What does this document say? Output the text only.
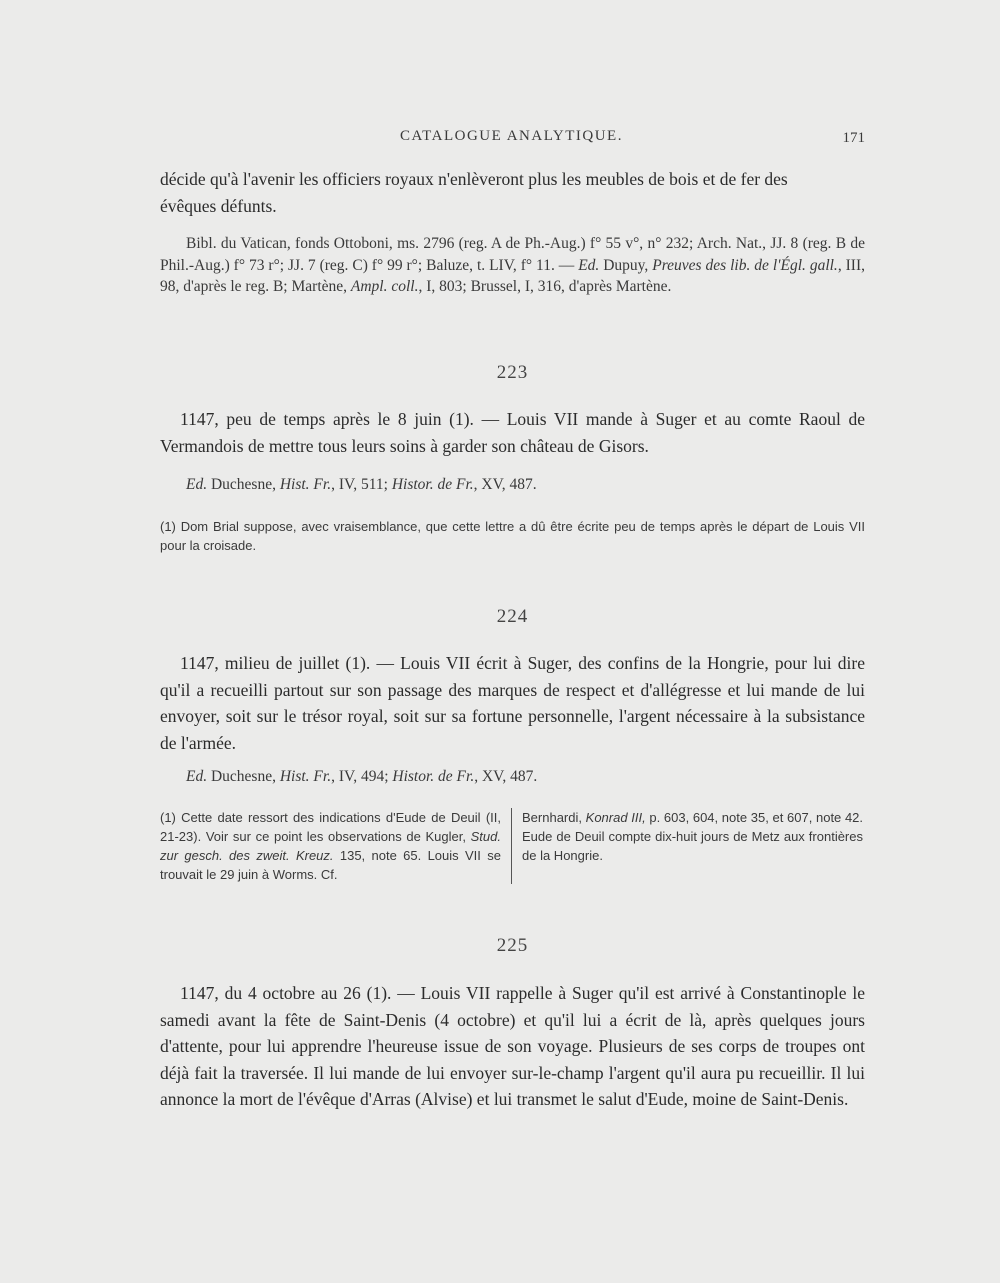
CATALOGUE ANALYTIQUE.	171

décide qu'à l'avenir les officiers royaux n'enlèveront plus les meubles de bois et de fer des

évêques défunts.

Bibl. du Vatican, fonds Ottoboni, ms. 2796 (reg. A de Ph.-Aug.) f° 55 v°, n° 232; Arch. Nat., JJ. 8 (reg. B de Phil.-Aug.) f° 73 r°; JJ. 7 (reg. C) f° 99 r°; Baluze, t. LIV, f° 11. — Ed. Dupuy, Preuves des lib. de l'Égl. gall., III, 98, d'après le reg. B; Martène, Ampl. coll., I, 803; Brussel, I, 316, d'après Martène.

223

1147, peu de temps après le 8 juin (1). — Louis VII mande à Suger et au comte Raoul de Vermandois de mettre tous leurs soins à garder son château de Gisors.

Ed. Duchesne, Hist. Fr., IV, 511; Histor. de Fr., XV, 487.

(1) Dom Brial suppose, avec vraisemblance, que cette lettre a dû être écrite peu de temps après le départ de Louis VII pour la croisade.

224

1147, milieu de juillet (1). — Louis VII écrit à Suger, des confins de la Hongrie, pour lui dire qu'il a recueilli partout sur son passage des marques de respect et d'allégresse et lui mande de lui envoyer, soit sur le trésor royal, soit sur sa fortune personnelle, l'argent nécessaire à la subsistance de l'armée.

Ed. Duchesne, Hist. Fr., IV, 494; Histor. de Fr., XV, 487.

(1) Cette date ressort des indications d'Eude de Deuil (II, 21-23). Voir sur ce point les observations de Kugler, Stud. zur gesch. des zweit. Kreuz. 135, note 65. Louis VII se trouvait le 29 juin à Worms. Cf.
Bernhardi, Konrad III, p. 603, 604, note 35, et 607, note 42. Eude de Deuil compte dix-huit jours de Metz aux frontières de la Hongrie.
225

1147, du 4 octobre au 26 (1). — Louis VII rappelle à Suger qu'il est arrivé à Constantinople le samedi avant la fête de Saint-Denis (4 octobre) et qu'il lui a écrit de là, après quelques jours d'attente, pour lui apprendre l'heureuse issue de son voyage. Plusieurs de ses corps de troupes ont déjà fait la traversée. Il lui mande de lui envoyer sur-le-champ l'argent qu'il aura pu recueillir. Il lui annonce la mort de l'évêque d'Arras (Alvise) et lui transmet le salut d'Eude, moine de Saint-Denis.
